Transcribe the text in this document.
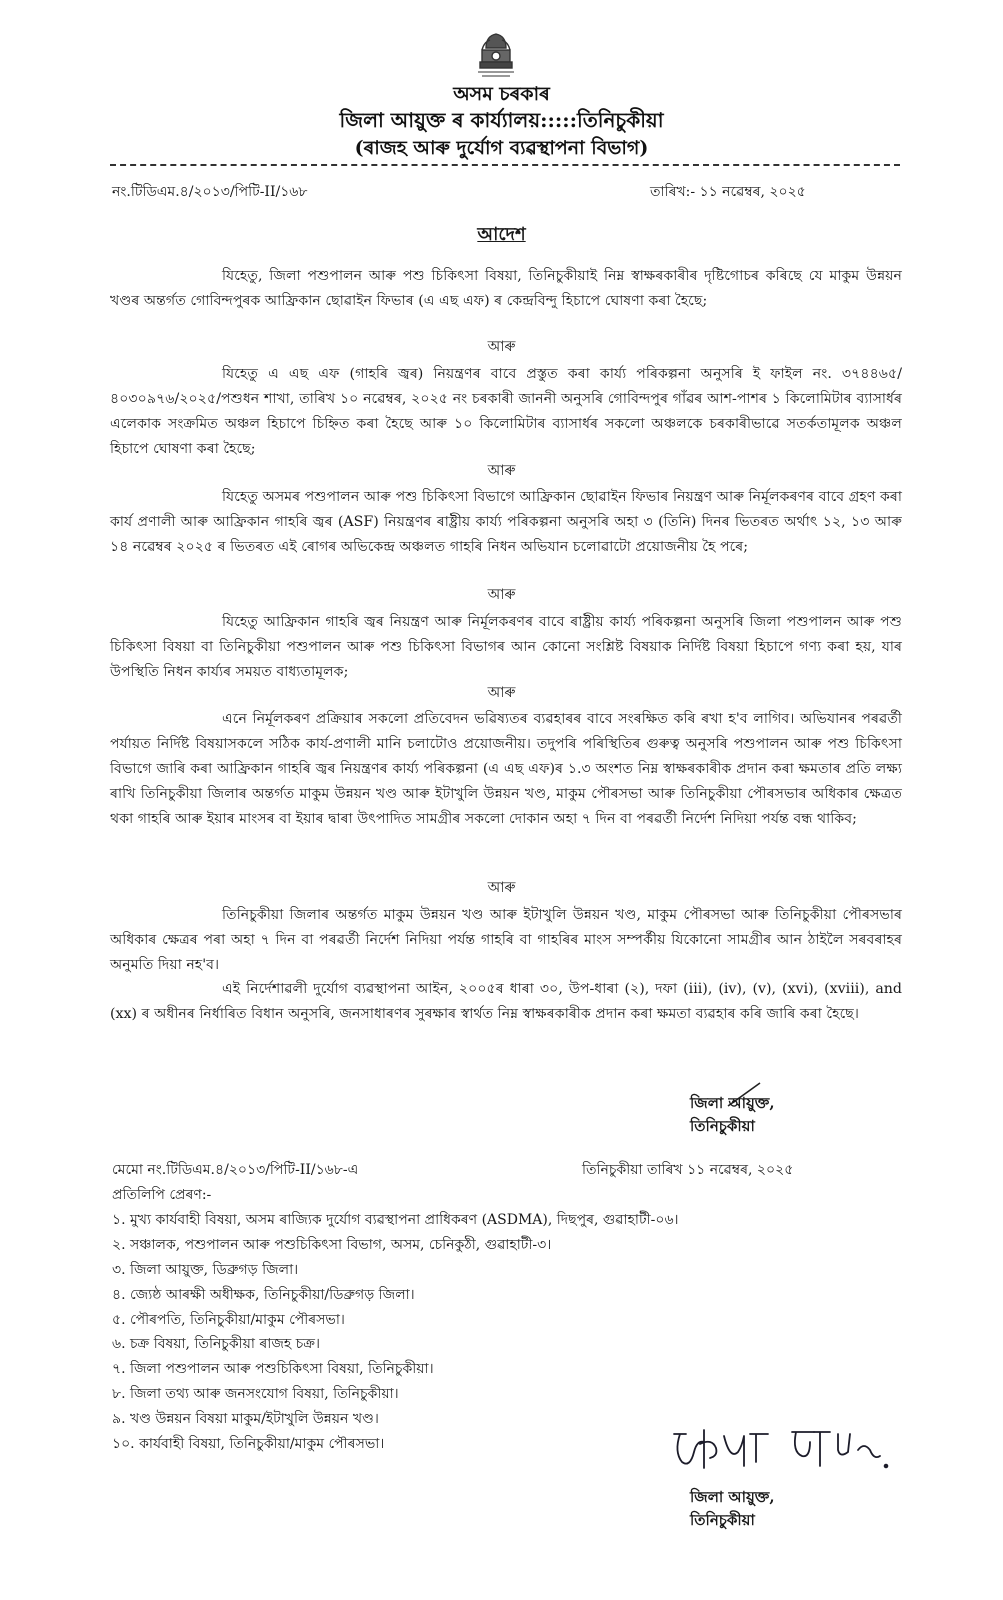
অসম চৰকাৰ
জিলা আয়ুক্ত ৰ কাৰ্য্যালয়:::::তিনিচুকীয়া
(ৰাজহ আৰু দুৰ্যোগ ব্যৱস্থাপনা বিভাগ)
নং.টিডিএম.৪/২০১৩/পিটি-II/১৬৮	তাৰিখ:- ১১ নৱেম্বৰ, ২০২৫
আদেশ

যিহেতু, জিলা পশুপালন আৰু পশু চিকিৎসা বিষয়া, তিনিচুকীয়াই নিম্ন স্বাক্ষৰকাৰীৰ দৃষ্টিগোচৰ কৰিছে যে মাকুম উন্নয়ন খণ্ডৰ অন্তৰ্গত গোবিন্দপুৰক আফ্ৰিকান ছোৱাইন ফিভাৰ (এ এছ এফ) ৰ কেন্দ্ৰবিন্দু হিচাপে ঘোষণা কৰা হৈছে;

আৰু

যিহেতু এ এছ এফ (গাহৰি জ্বৰ) নিয়ন্ত্ৰণৰ বাবে প্ৰস্তুত কৰা কাৰ্য্য পৰিকল্পনা অনুসৰি ই ফাইল নং. ৩৭৪৪৬৫/ ৪০৩০৯৭৬/২০২৫/পশুধন শাখা, তাৰিখ ১০ নৱেম্বৰ, ২০২৫ নং চৰকাৰী জাননী অনুসৰি গোবিন্দপুৰ গাঁৱৰ আশ-পাশৰ ১ কিলোমিটাৰ ব্যাসাৰ্ধৰ এলেকাক সংক্ৰমিত অঞ্চল হিচাপে চিহ্নিত কৰা হৈছে আৰু ১০ কিলোমিটাৰ ব্যাসাৰ্ধৰ সকলো অঞ্চলকে চৰকাৰীভাৱে সতৰ্কতামূলক অঞ্চল হিচাপে ঘোষণা কৰা হৈছে;

আৰু

যিহেতু অসমৰ পশুপালন আৰু পশু চিকিৎসা বিভাগে আফ্ৰিকান ছোৱাইন ফিভাৰ নিয়ন্ত্ৰণ আৰু নিৰ্মূলকৰণৰ বাবে গ্ৰহণ কৰা কাৰ্য প্ৰণালী আৰু আফ্ৰিকান গাহৰি জ্বৰ (ASF) নিয়ন্ত্ৰণৰ ৰাষ্ট্ৰীয় কাৰ্য্য পৰিকল্পনা অনুসৰি অহা ৩ (তিনি) দিনৰ ভিতৰত অৰ্থাৎ ১২, ১৩ আৰু ১৪ নৱেম্বৰ ২০২৫ ৰ ভিতৰত এই ৰোগৰ অভিকেন্দ্ৰ অঞ্চলত গাহৰি নিধন অভিযান চলোৱাটো প্ৰয়োজনীয় হৈ পৰে;

আৰু

যিহেতু আফ্ৰিকান গাহৰি জ্বৰ নিয়ন্ত্ৰণ আৰু নিৰ্মূলকৰণৰ বাবে ৰাষ্ট্ৰীয় কাৰ্য্য পৰিকল্পনা অনুসৰি জিলা পশুপালন আৰু পশু চিকিৎসা বিষয়া বা তিনিচুকীয়া পশুপালন আৰু পশু চিকিৎসা বিভাগৰ আন কোনো সংশ্লিষ্ট বিষয়াক নিৰ্দিষ্ট বিষয়া হিচাপে গণ্য কৰা হয়, যাৰ উপস্থিতি নিধন কাৰ্য্যৰ সময়ত বাধ্যতামূলক;

আৰু

এনে নিৰ্মূলকৰণ প্ৰক্ৰিয়াৰ সকলো প্ৰতিবেদন ভৱিষ্যতৰ ব্যৱহাৰৰ বাবে সংৰক্ষিত কৰি ৰখা হ'ব লাগিব। অভিযানৰ পৰৱৰ্তী পৰ্যায়ত নিৰ্দিষ্ট বিষয়াসকলে সঠিক কাৰ্য-প্ৰণালী মানি চলাটোও প্ৰয়োজনীয়। তদুপৰি পৰিস্থিতিৰ গুৰুত্ব অনুসৰি পশুপালন আৰু পশু চিকিৎসা বিভাগে জাৰি কৰা আফ্ৰিকান গাহৰি জ্বৰ নিয়ন্ত্ৰণৰ কাৰ্য্য পৰিকল্পনা (এ এছ এফ)ৰ ১.৩ অংশত নিম্ন স্বাক্ষৰকাৰীক প্ৰদান কৰা ক্ষমতাৰ প্ৰতি লক্ষ্য ৰাখি তিনিচুকীয়া জিলাৰ অন্তৰ্গত মাকুম উন্নয়ন খণ্ড আৰু ইটাখুলি উন্নয়ন খণ্ড, মাকুম পৌৰসভা আৰু তিনিচুকীয়া পৌৰসভাৰ অধিকাৰ ক্ষেত্ৰত থকা গাহৰি আৰু ইয়াৰ মাংসৰ বা ইয়াৰ দ্বাৰা উৎপাদিত সামগ্ৰীৰ সকলো দোকান অহা ৭ দিন বা পৰৱৰ্তী নিৰ্দেশ নিদিয়া পৰ্যন্ত বন্ধ থাকিব;

আৰু

তিনিচুকীয়া জিলাৰ অন্তৰ্গত মাকুম উন্নয়ন খণ্ড আৰু ইটাখুলি উন্নয়ন খণ্ড, মাকুম পৌৰসভা আৰু তিনিচুকীয়া পৌৰসভাৰ অধিকাৰ ক্ষেত্ৰৰ পৰা অহা ৭ দিন বা পৰৱৰ্তী নিৰ্দেশ নিদিয়া পৰ্যন্ত গাহৰি বা গাহৰিৰ মাংস সম্পৰ্কীয় যিকোনো সামগ্ৰীৰ আন ঠাইলৈ সৰবৰাহৰ অনুমতি দিয়া নহ'ব।

এই নিৰ্দেশাৱলী দুৰ্যোগ ব্যৱস্থাপনা আইন, ২০০৫ৰ ধাৰা ৩০, উপ-ধাৰা (২), দফা (iii), (iv), (v), (xvi), (xviii), and (xx) ৰ অধীনৰ নিৰ্ধাৰিত বিধান অনুসৰি, জনসাধাৰণৰ সুৰক্ষাৰ স্বাৰ্থত নিম্ন স্বাক্ষৰকাৰীক প্ৰদান কৰা ক্ষমতা ব্যৱহাৰ কৰি জাৰি কৰা হৈছে।

জিলা আয়ুক্ত,
তিনিচুকীয়া
মেমো নং.টিডিএম.৪/২০১৩/পিটি-II/১৬৮-এ	তিনিচুকীয়া তাৰিখ ১১ নৱেম্বৰ, ২০২৫
প্ৰতিলিপি প্ৰেৰণ:-
১. মুখ্য কাৰ্যবাহী বিষয়া, অসম ৰাজ্যিক দুৰ্যোগ ব্যৱস্থাপনা প্ৰাধিকৰণ (ASDMA), দিছপুৰ, গুৱাহাটী-০৬।
২. সঞ্চালক, পশুপালন আৰু পশুচিকিৎসা বিভাগ, অসম, চেনিকুঠী, গুৱাহাটী-৩।
৩. জিলা আয়ুক্ত, ডিব্ৰুগড় জিলা।
৪. জ্যেষ্ঠ আৰক্ষী অধীক্ষক, তিনিচুকীয়া/ডিব্ৰুগড় জিলা।
৫. পৌৰপতি, তিনিচুকীয়া/মাকুম পৌৰসভা।
৬. চক্ৰ বিষয়া, তিনিচুকীয়া ৰাজহ চক্ৰ।
৭. জিলা পশুপালন আৰু পশুচিকিৎসা বিষয়া, তিনিচুকীয়া।
৮. জিলা তথ্য আৰু জনসংযোগ বিষয়া, তিনিচুকীয়া।
৯. খণ্ড উন্নয়ন বিষয়া মাকুম/ইটাখুলি উন্নয়ন খণ্ড।
১০. কাৰ্যবাহী বিষয়া, তিনিচুকীয়া/মাকুম পৌৰসভা।
জিলা আয়ুক্ত,
তিনিচুকীয়া
